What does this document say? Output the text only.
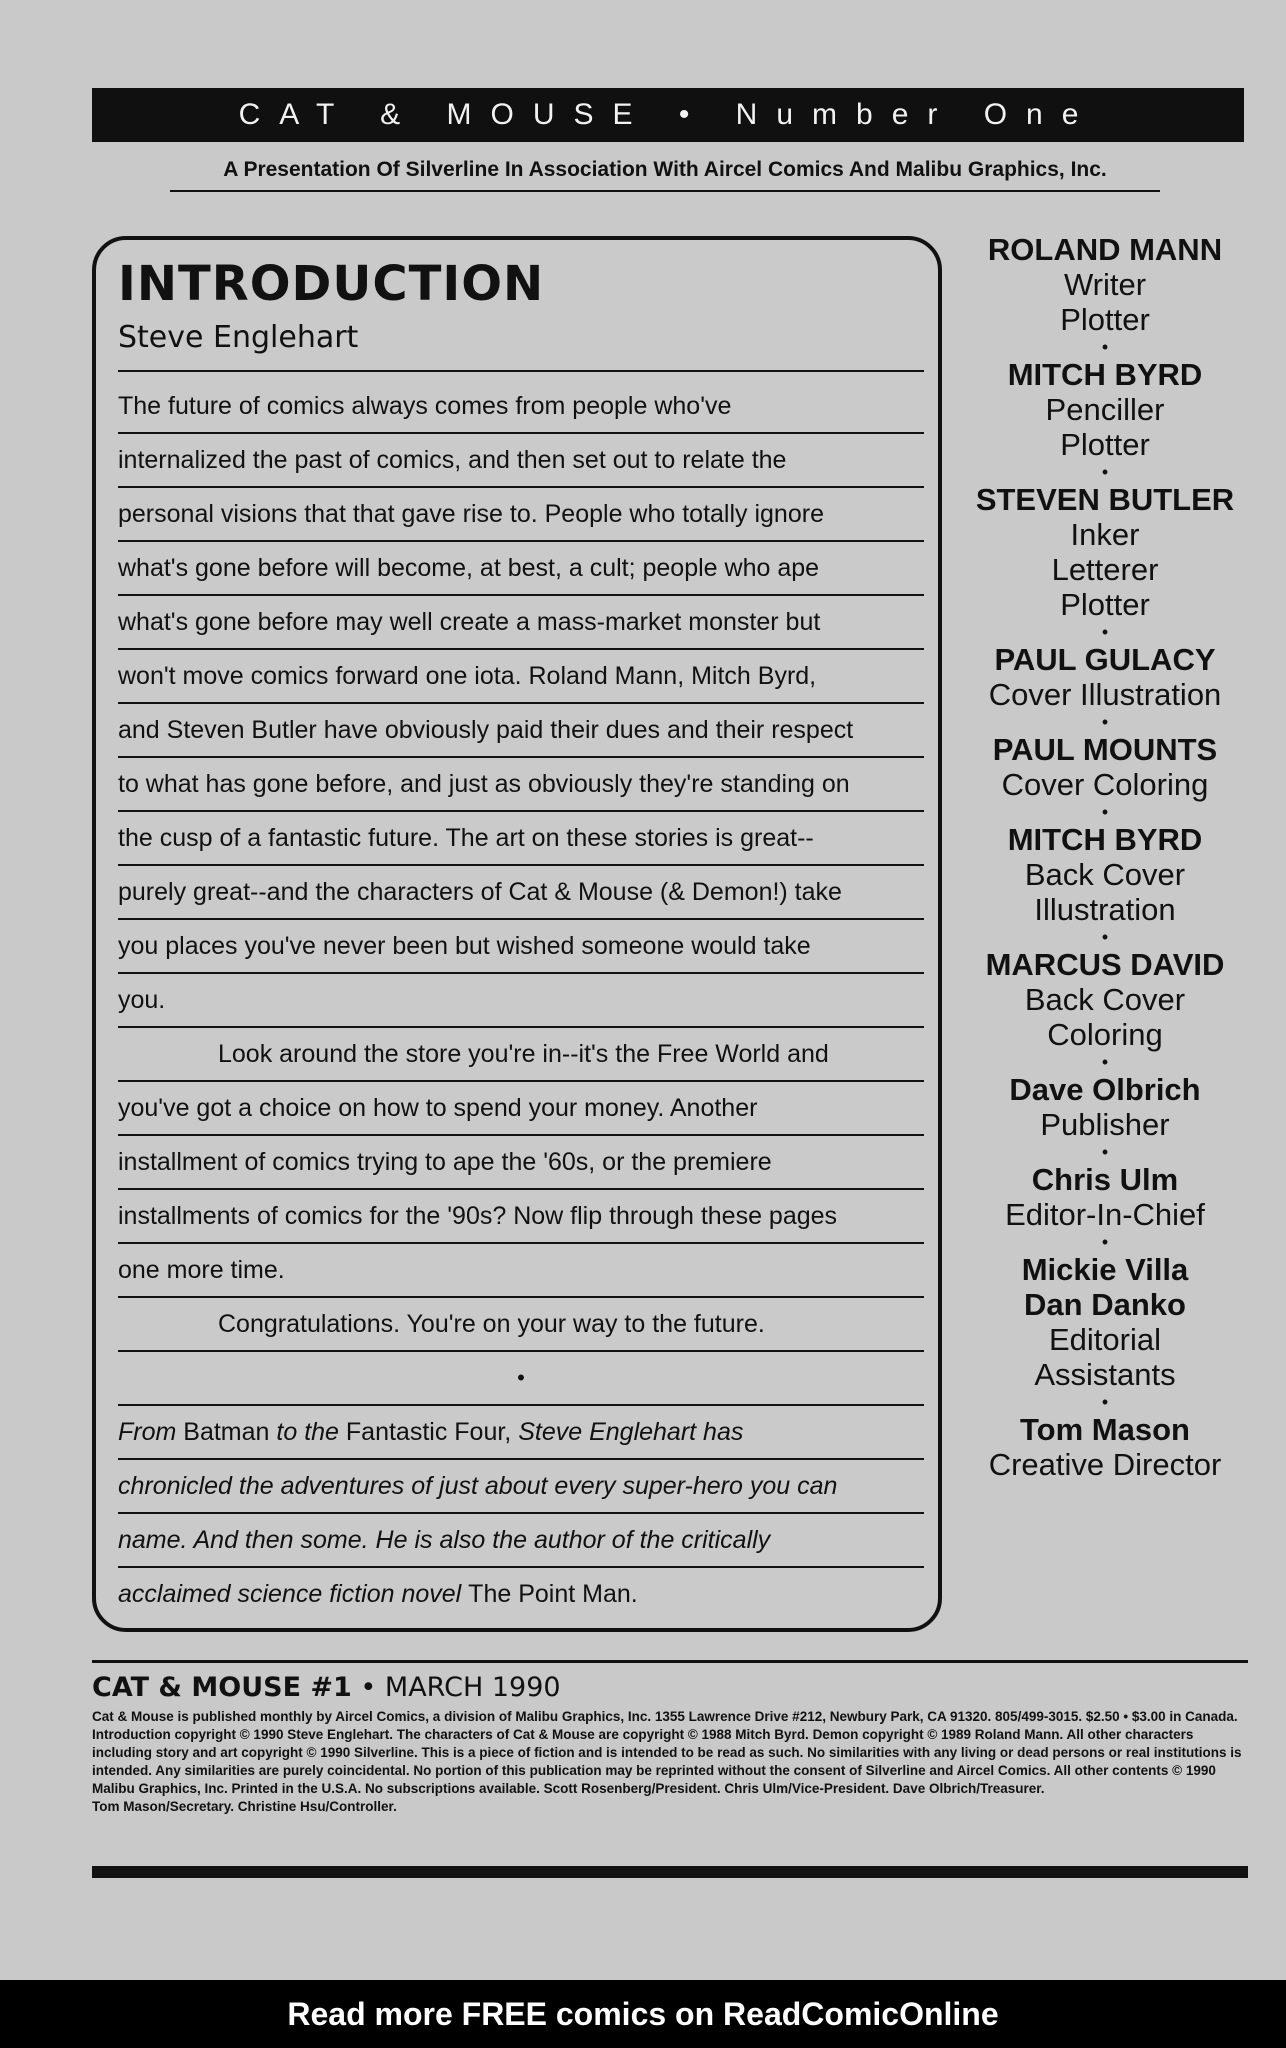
CAT & MOUSE • Number One
A Presentation Of Silverline In Association With Aircel Comics And Malibu Graphics, Inc.
INTRODUCTION
Steve Englehart
The future of comics always comes from people who've
internalized the past of comics, and then set out to relate the
personal visions that that gave rise to. People who totally ignore
what's gone before will become, at best, a cult; people who ape
what's gone before may well create a mass-market monster but
won't move comics forward one iota. Roland Mann, Mitch Byrd,
and Steven Butler have obviously paid their dues and their respect
to what has gone before, and just as obviously they're standing on
the cusp of a fantastic future. The art on these stories is great--
purely great--and the characters of Cat & Mouse (& Demon!) take
you places you've never been but wished someone would take
you.
Look around the store you're in--it's the Free World and
you've got a choice on how to spend your money. Another
installment of comics trying to ape the '60s, or the premiere
installments of comics for the '90s? Now flip through these pages
one more time.
Congratulations. You're on your way to the future.
•
From Batman to the Fantastic Four, Steve Englehart has
chronicled the adventures of just about every super-hero you can
name. And then some. He is also the author of the critically
acclaimed science fiction novel The Point Man.
ROLAND MANN
Writer
Plotter
•
MITCH BYRD
Penciller
Plotter
•
STEVEN BUTLER
Inker
Letterer
Plotter
•
PAUL GULACY
Cover Illustration
•
PAUL MOUNTS
Cover Coloring
•
MITCH BYRD
Back Cover
Illustration
•
MARCUS DAVID
Back Cover
Coloring
•
Dave Olbrich
Publisher
•
Chris Ulm
Editor-In-Chief
•
Mickie Villa
Dan Danko
Editorial
Assistants
•
Tom Mason
Creative Director
CAT & MOUSE #1 • MARCH 1990
Cat & Mouse is published monthly by Aircel Comics, a division of Malibu Graphics, Inc. 1355 Lawrence Drive #212, Newbury Park, CA 91320. 805/499-3015. $2.50 • $3.00 in Canada. Introduction copyright © 1990 Steve Englehart. The characters of Cat & Mouse are copyright © 1988 Mitch Byrd. Demon copyright © 1989 Roland Mann. All other characters including story and art copyright © 1990 Silverline. This is a piece of fiction and is intended to be read as such. No similarities with any living or dead persons or real institutions is intended. Any similarities are purely coincidental. No portion of this publication may be reprinted without the consent of Silverline and Aircel Comics. All other contents © 1990 Malibu Graphics, Inc. Printed in the U.S.A. No subscriptions available. Scott Rosenberg/President. Chris Ulm/Vice-President. Dave Olbrich/Treasurer.
Tom Mason/Secretary. Christine Hsu/Controller.
Read more FREE comics on ReadComicOnline
